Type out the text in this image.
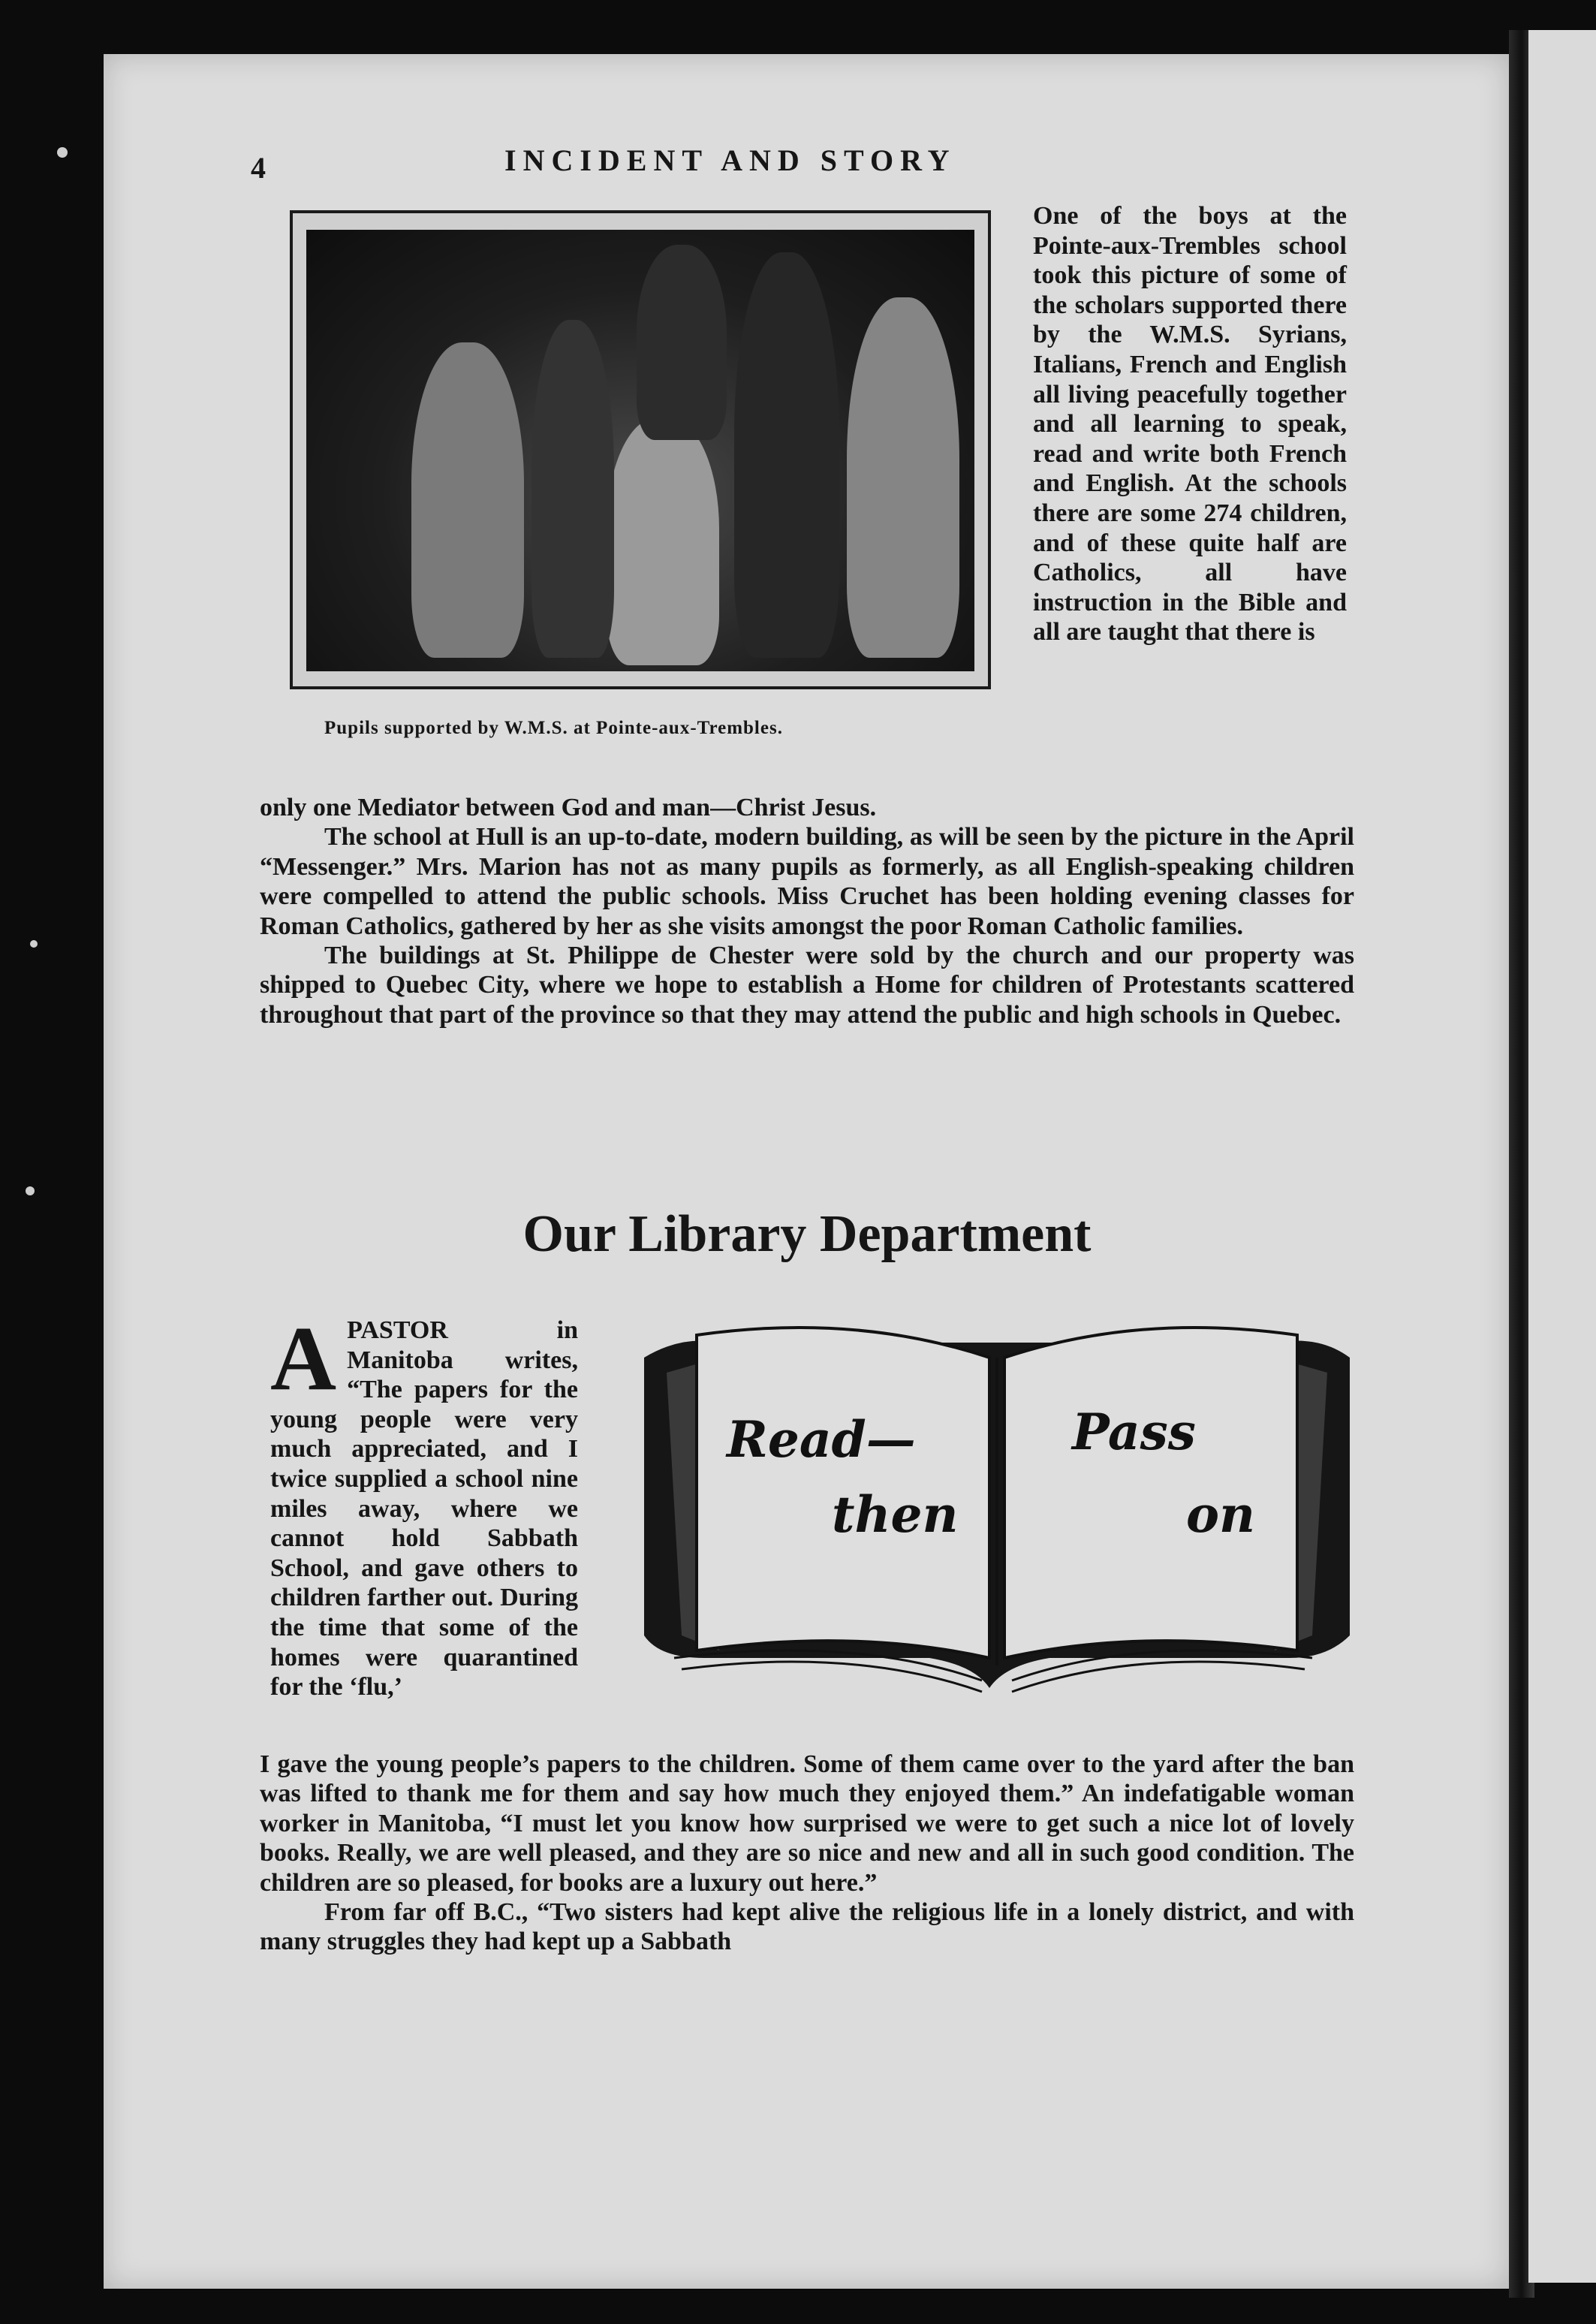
4	INCIDENT AND STORY
Pupils supported by W.M.S. at Pointe-aux-Trembles.
One of the boys at the Pointe-aux-Trembles school took this picture of some of the scholars supported there by the W.M.S. Syrians, Italians, French and English all living peacefully together and all learning to speak, read and write both French and English. At the schools there are some 274 children, and of these quite half are Catholics, all have instruction in the Bible and all are taught that there is

only one Mediator between God and man—Christ Jesus.

The school at Hull is an up-to-date, modern building, as will be seen by the picture in the April “Messenger.” Mrs. Marion has not as many pupils as formerly, as all English-speaking children were compelled to attend the public schools. Miss Cruchet has been holding evening classes for Roman Catholics, gathered by her as she visits amongst the poor Roman Catholic families.

The buildings at St. Philippe de Chester were sold by the church and our property was shipped to Quebec City, where we hope to establish a Home for children of Protestants scattered throughout that part of the province so that they may attend the public and high schools in Quebec.

Our Library Department
A PASTOR in Manitoba writes, “The papers for the young people were very much appreciated, and I twice supplied a school nine miles away, where we cannot hold Sabbath School, and gave others to children farther out. During the time that some of the homes were quarantined for the ‘flu,’
Read—
then
Pass
on

I gave the young people’s papers to the children. Some of them came over to the yard after the ban was lifted to thank me for them and say how much they enjoyed them.” An indefatigable woman worker in Manitoba, “I must let you know how surprised we were to get such a nice lot of lovely books. Really, we are well pleased, and they are so nice and new and all in such good condition. The children are so pleased, for books are a luxury out here.”

From far off B.C., “Two sisters had kept alive the religious life in a lonely district, and with many struggles they had kept up a Sabbath
